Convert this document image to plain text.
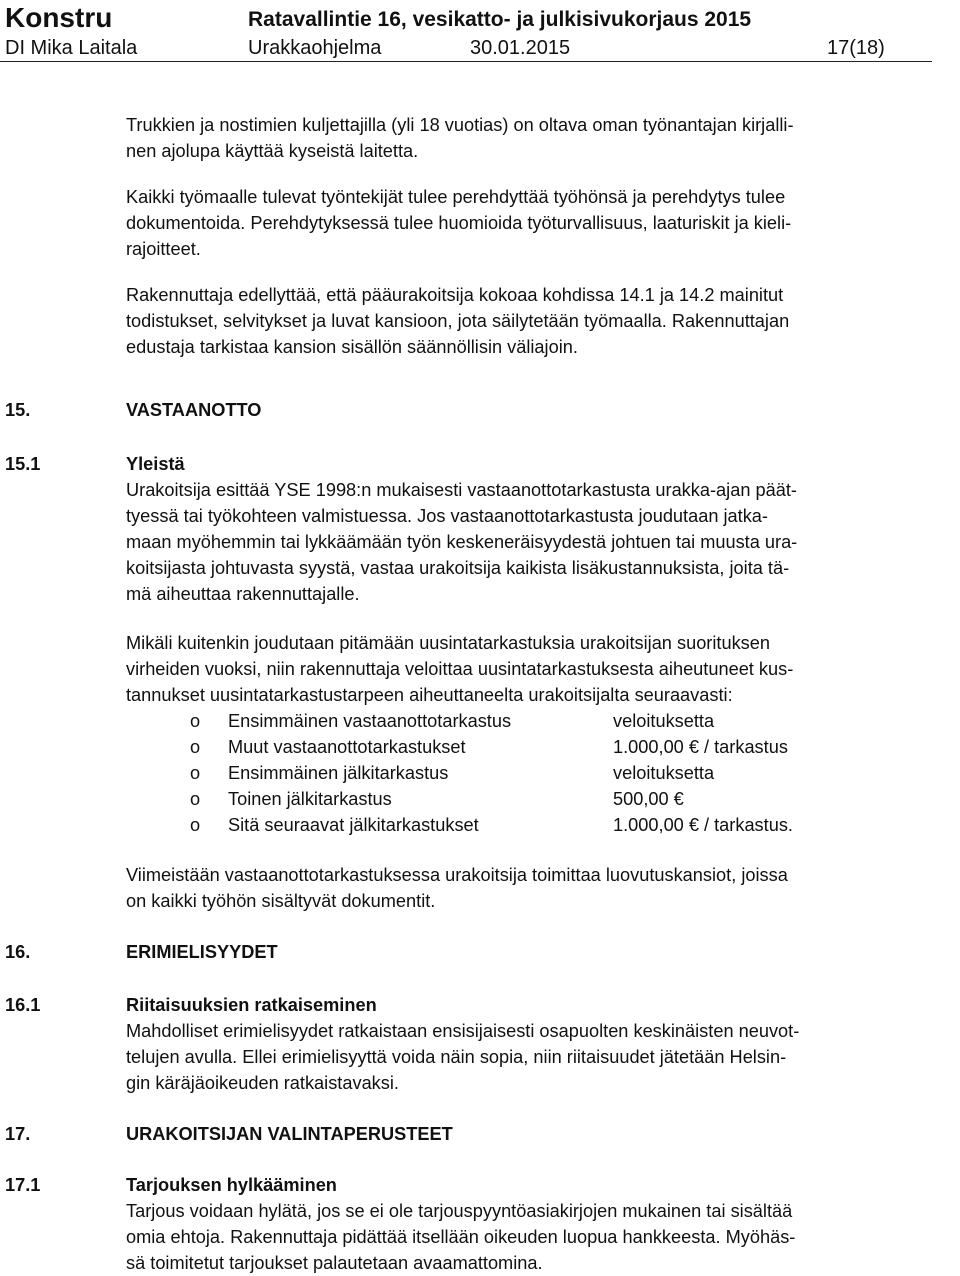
Konstru	Ratavallintie 16, vesikatto- ja julkisivukorjaus 2015
DI Mika Laitala	Urakkaohjelma	30.01.2015	17(18)
Trukkien ja nostimien kuljettajilla (yli 18 vuotias) on oltava oman työnantajan kirjalli-
nen ajolupa käyttää kyseistä laitetta.
Kaikki työmaalle tulevat työntekijät tulee perehdyttää työhönsä ja perehdytys tulee
dokumentoida. Perehdytyksessä tulee huomioida työturvallisuus, laaturiskit ja kieli-
rajoitteet.
Rakennuttaja edellyttää, että pääurakoitsija kokoaa kohdissa 14.1 ja 14.2 mainitut
todistukset, selvitykset ja luvat kansioon, jota säilytetään työmaalla. Rakennuttajan
edustaja tarkistaa kansion sisällön säännöllisin väliajoin.
15.	VASTAANOTTO
15.1	Yleistä
Urakoitsija esittää YSE 1998:n mukaisesti vastaanottotarkastusta urakka-ajan päät-
tyessä tai työkohteen valmistuessa. Jos vastaanottotarkastusta joudutaan jatka-
maan myöhemmin tai lykkäämään työn keskeneräisyydestä johtuen tai muusta ura-
koitsijasta johtuvasta syystä, vastaa urakoitsija kaikista lisäkustannuksista, joita tä-
mä aiheuttaa rakennuttajalle.
Mikäli kuitenkin joudutaan pitämään uusintatarkastuksia urakoitsijan suorituksen
virheiden vuoksi, niin rakennuttaja veloittaa uusintatarkastuksesta aiheutuneet kus-
tannukset uusintatarkastustarpeen aiheuttaneelta urakoitsijalta seuraavasti:
o Ensimmäinen vastaanottotarkastus	veloituksetta
o Muut vastaanottotarkastukset	1.000,00 € / tarkastus
o Ensimmäinen jälkitarkastus	veloituksetta
o Toinen jälkitarkastus	500,00 €
o Sitä seuraavat jälkitarkastukset	1.000,00 € / tarkastus.
Viimeistään vastaanottotarkastuksessa urakoitsija toimittaa luovutuskansiot, joissa
on kaikki työhön sisältyvät dokumentit.
16.	ERIMIELISYYDET
16.1	Riitaisuuksien ratkaiseminen
Mahdolliset erimielisyydet ratkaistaan ensisijaisesti osapuolten keskinäisten neuvot-
telujen avulla. Ellei erimielisyyttä voida näin sopia, niin riitaisuudet jätetään Helsin-
gin käräjäoikeuden ratkaistavaksi.
17.	URAKOITSIJAN VALINTAPERUSTEET
17.1	Tarjouksen hylkääminen
Tarjous voidaan hylätä, jos se ei ole tarjouspyyntöasiakirjojen mukainen tai sisältää
omia ehtoja. Rakennuttaja pidättää itsellään oikeuden luopua hankkeesta. Myöhäs-
sä toimitetut tarjoukset palautetaan avaamattomina.
